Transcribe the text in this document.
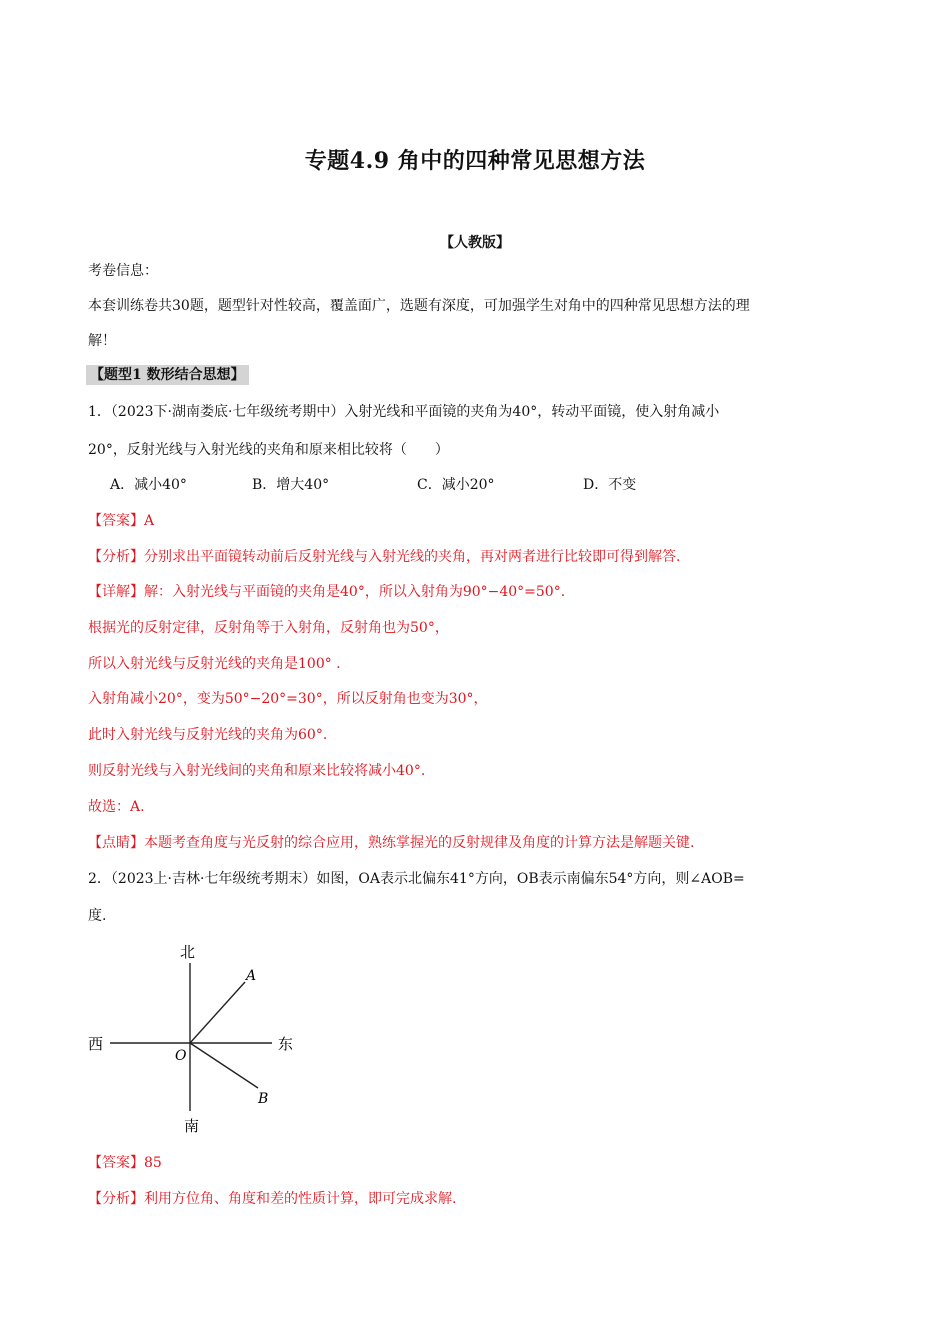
专题4.9 角中的四种常见思想方法
【人教版】
考卷信息：
本套训练卷共30题，题型针对性较高，覆盖面广，选题有深度，可加强学生对角中的四种常见思想方法的理
解！
【题型1 数形结合思想】
1．（2023下·湖南娄底·七年级统考期中）入射光线和平面镜的夹角为40°，转动平面镜，使入射角减小
20°，反射光线与入射光线的夹角和原来相比较将（　　）
A．减小40°	B．增大40°	C．减小20°	D．不变
【答案】A
【分析】分别求出平面镜转动前后反射光线与入射光线的夹角，再对两者进行比较即可得到解答.
【详解】解：入射光线与平面镜的夹角是40°，所以入射角为90°−40°=50°.
根据光的反射定律，反射角等于入射角，反射角也为50°，
所以入射光线与反射光线的夹角是100° .
入射角减小20°，变为50°−20°=30°，所以反射角也变为30°，
此时入射光线与反射光线的夹角为60°.
则反射光线与入射光线间的夹角和原来比较将减小40°.
故选：A.
【点睛】本题考查角度与光反射的综合应用，熟练掌握光的反射规律及角度的计算方法是解题关键.
2．（2023上·吉林·七年级统考期末）如图，OA表示北偏东41°方向，OB表示南偏东54°方向，则∠AOB=
度.
北
南
西	东
O
A
B
【答案】85
【分析】利用方位角、角度和差的性质计算，即可完成求解.
